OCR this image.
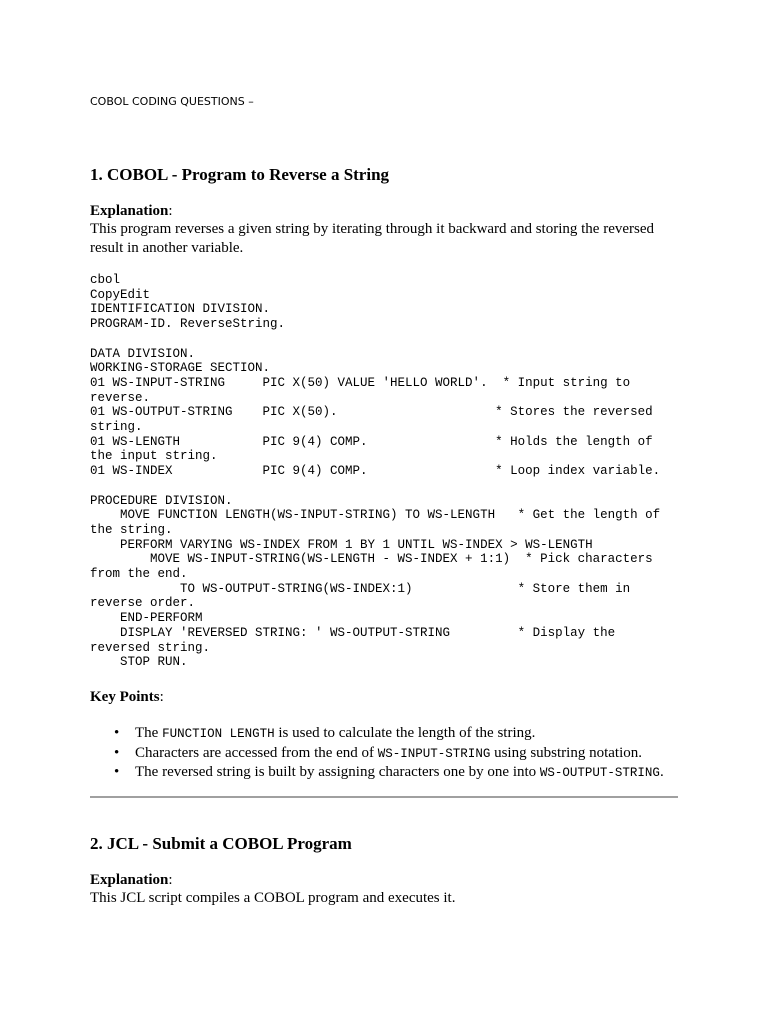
COBOL CODING QUESTIONS –
1. COBOL - Program to Reverse a String
Explanation:
This program reverses a given string by iterating through it backward and storing the reversed result in another variable.
cbol
CopyEdit
IDENTIFICATION DIVISION.
PROGRAM-ID. ReverseString.

DATA DIVISION.
WORKING-STORAGE SECTION.
01 WS-INPUT-STRING     PIC X(50) VALUE 'HELLO WORLD'.  * Input string to
reverse.
01 WS-OUTPUT-STRING    PIC X(50).                     * Stores the reversed
string.
01 WS-LENGTH           PIC 9(4) COMP.                 * Holds the length of
the input string.
01 WS-INDEX            PIC 9(4) COMP.                 * Loop index variable.

PROCEDURE DIVISION.
MOVE FUNCTION LENGTH(WS-INPUT-STRING) TO WS-LENGTH   * Get the length of
the string.
PERFORM VARYING WS-INDEX FROM 1 BY 1 UNTIL WS-INDEX > WS-LENGTH
MOVE WS-INPUT-STRING(WS-LENGTH - WS-INDEX + 1:1)  * Pick characters
from the end.
TO WS-OUTPUT-STRING(WS-INDEX:1)              * Store them in
reverse order.
END-PERFORM
DISPLAY 'REVERSED STRING: ' WS-OUTPUT-STRING         * Display the
reversed string.
STOP RUN.
Key Points:
• The FUNCTION LENGTH is used to calculate the length of the string.
• Characters are accessed from the end of WS-INPUT-STRING using substring notation.
• The reversed string is built by assigning characters one by one into WS-OUTPUT-STRING.
2. JCL - Submit a COBOL Program
Explanation:
This JCL script compiles a COBOL program and executes it.
